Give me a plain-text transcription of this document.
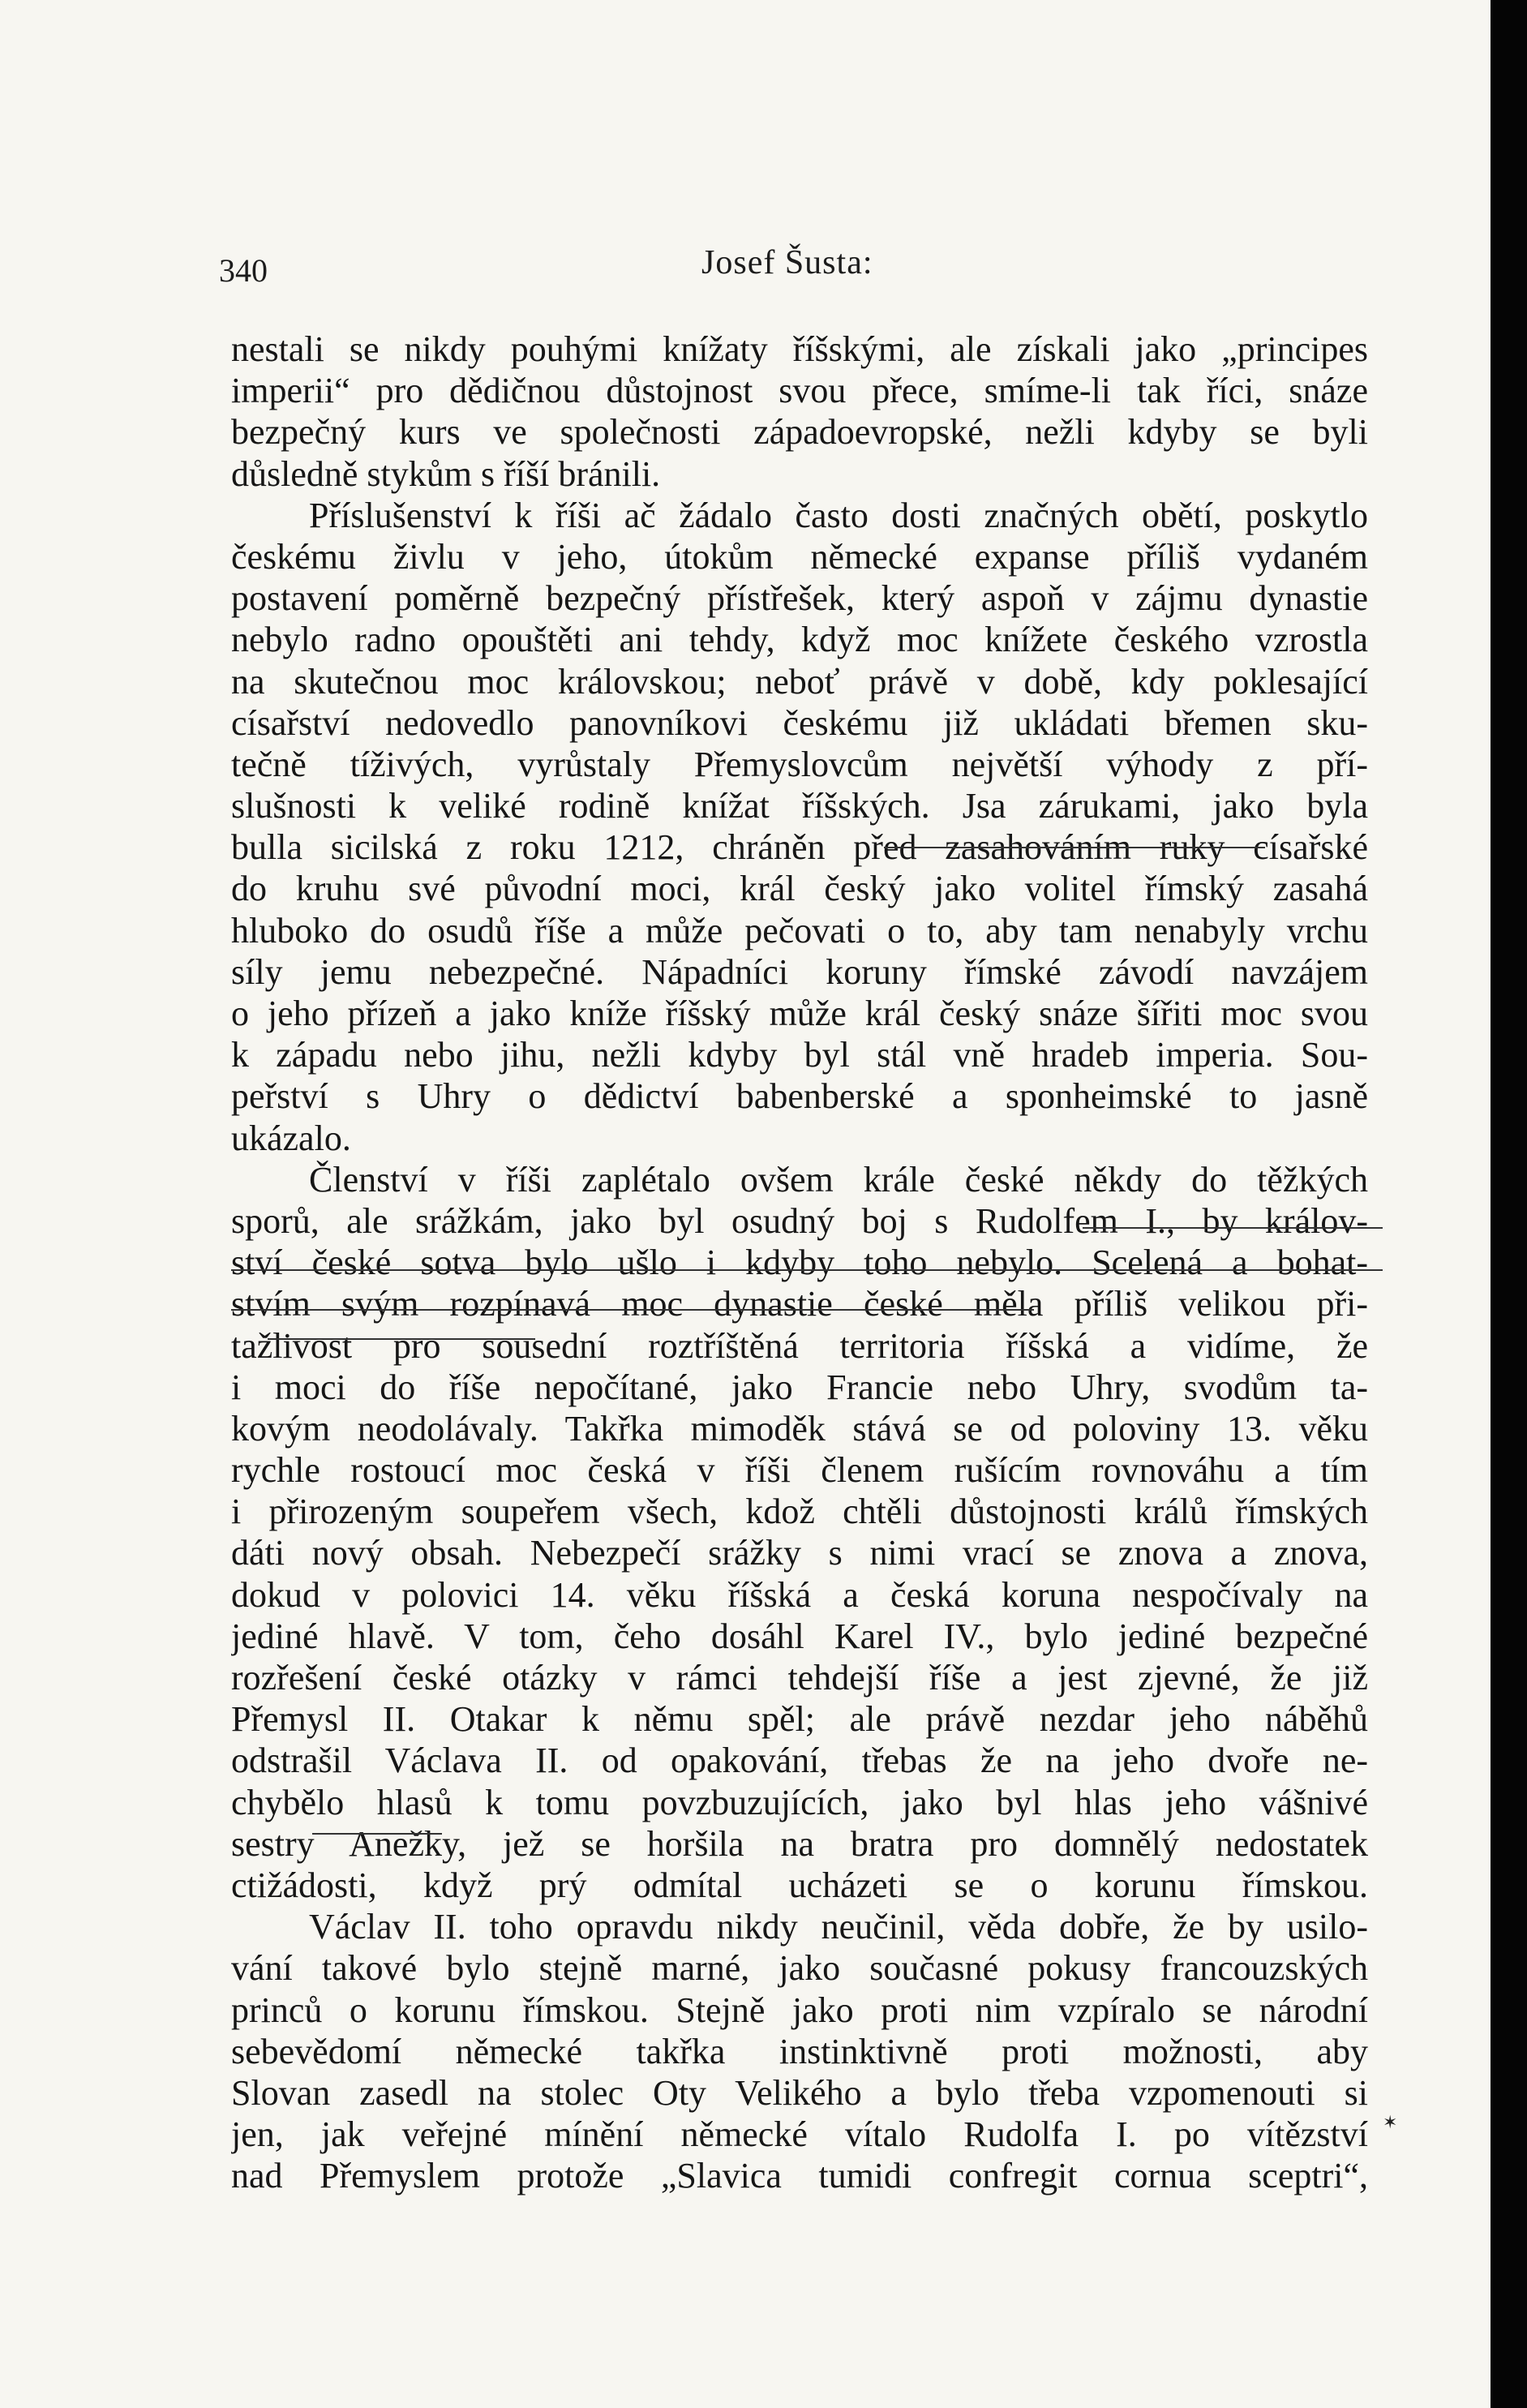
340	Josef Šusta:
nestali se nikdy pouhými knížaty říšskými, ale získali jako „principes
imperii“ pro dědičnou důstojnost svou přece, smíme-li tak říci, snáze
bezpečný kurs ve společnosti západoevropské, nežli kdyby se byli
důsledně stykům s říší bránili.
Příslušenství k říši ač žádalo často dosti značných obětí, poskytlo
českému živlu v jeho, útokům německé expanse příliš vydaném
postavení poměrně bezpečný přístřešek, který aspoň v zájmu dynastie
nebylo radno opouštěti ani tehdy, když moc knížete českého vzrostla
na skutečnou moc královskou; neboť právě v době, kdy poklesající
císařství nedovedlo panovníkovi českému již ukládati břemen sku-
tečně tíživých, vyrůstaly Přemyslovcům největší výhody z pří-
slušnosti k veliké rodině knížat říšských. Jsa zárukami, jako byla
bulla sicilská z roku 1212, chráněn před zasahováním ruky císařské
do kruhu své původní moci, král český jako volitel římský zasahá
hluboko do osudů říše a může pečovati o to, aby tam nenabyly vrchu
síly jemu nebezpečné. Nápadníci koruny římské závodí navzájem
o jeho přízeň a jako kníže říšský může král český snáze šířiti moc svou
k západu nebo jihu, nežli kdyby byl stál vně hradeb imperia. Sou-
peřství s Uhry o dědictví babenberské a sponheimské to jasně
ukázalo.
Členství v říši zaplétalo ovšem krále české někdy do těžkých
sporů, ale srážkám, jako byl osudný boj s Rudolfem I., by králov-
ství české sotva bylo ušlo i kdyby toho nebylo. Scelená a bohat-
stvím svým rozpínavá moc dynastie české měla příliš velikou při-
tažlivost pro sousední roztříštěná territoria říšská a vidíme, že
i moci do říše nepočítané, jako Francie nebo Uhry, svodům ta-
kovým neodolávaly. Takřka mimoděk stává se od poloviny 13. věku
rychle rostoucí moc česká v říši členem rušícím rovnováhu a tím
i přirozeným soupeřem všech, kdož chtěli důstojnosti králů římských
dáti nový obsah. Nebezpečí srážky s nimi vrací se znova a znova,
dokud v polovici 14. věku říšská a česká koruna nespočívaly na
jediné hlavě. V tom, čeho dosáhl Karel IV., bylo jediné bezpečné
rozřešení české otázky v rámci tehdejší říše a jest zjevné, že již
Přemysl II. Otakar k němu spěl; ale právě nezdar jeho náběhů
odstrašil Václava II. od opakování, třebas že na jeho dvoře ne-
chybělo hlasů k tomu povzbuzujících, jako byl hlas jeho vášnivé
sestry Anežky, jež se horšila na bratra pro domnělý nedostatek
ctižádosti, když prý odmítal ucházeti se o korunu římskou.
Václav II. toho opravdu nikdy neučinil, věda dobře, že by usilo-
vání takové bylo stejně marné, jako současné pokusy francouzských
princů o korunu římskou. Stejně jako proti nim vzpíralo se národní
sebevědomí německé takřka instinktivně proti možnosti, aby
Slovan zasedl na stolec Oty Velikého a bylo třeba vzpomenouti si
jen, jak veřejné mínění německé vítalo Rudolfa I. po vítězství
nad Přemyslem protože „Slavica tumidi confregit cornua sceptri“,
✶
